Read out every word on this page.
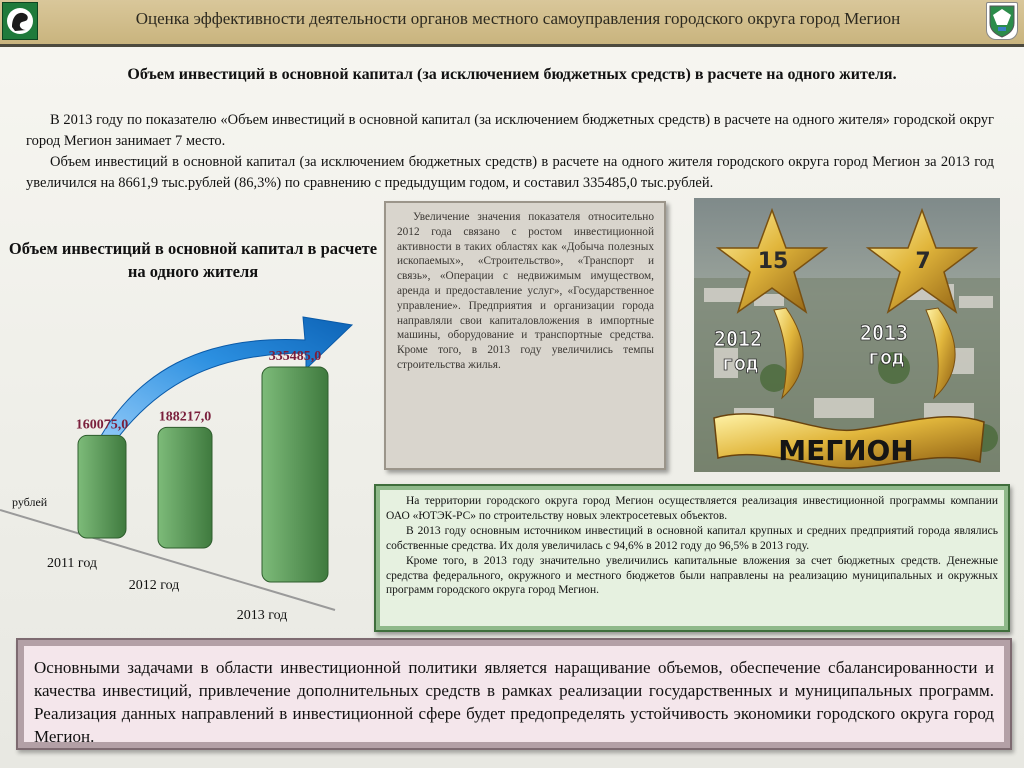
Оценка эффективности деятельности органов местного самоуправления городского округа город Мегион
Объем инвестиций в основной капитал (за исключением бюджетных средств) в расчете на одного жителя.

В 2013 году по показателю «Объем инвестиций в основной капитал (за исключением бюджетных средств) в расчете на одного жителя» городской округ город Мегион занимает 7 место.

Объем инвестиций в основной капитал (за исключением бюджетных средств) в расчете на одного жителя городского округа город Мегион за 2013 год увеличился на 8661,9 тыс.рублей (86,3%) по сравнению с предыдущим годом, и составил 335485,0 тыс.рублей.

Объем инвестиций в основной капитал в расчете на одного жителя
160075,0
188217,0
335485,0
2011 год
2012 год
2013 год
рублей

Увеличение значения показателя относительно 2012 года связано с ростом инвестиционной активности в таких областях как «Добыча полезных ископаемых», «Строительство», «Транспорт и связь», «Операции с недвижимым имуществом, аренда и предоставление услуг», «Государственное управление». Предприятия и организации города направляли свои капиталовложения в импортные машины, оборудование и транспортные средства. Кроме того, в 2013 году увеличились темпы строительства жилья.

15	7
2012
год
2013
год
МЕГИОН

На территории городского округа город Мегион осуществляется реализация инвестиционной программы компании ОАО «ЮТЭК-РС» по строительству новых электросетевых объектов.

В 2013 году основным источником инвестиций в основной капитал крупных и средних предприятий города являлись собственные средства. Их доля увеличилась с 94,6% в 2012 году до 96,5% в 2013 году.

Кроме того, в 2013 году значительно увеличились капитальные вложения за счет бюджетных средств. Денежные средства федерального, окружного и местного бюджетов были направлены на реализацию муниципальных и окружных программ городского округа город Мегион.

Основными задачами в области инвестиционной политики является наращивание объемов, обеспечение сбалансированности и качества инвестиций, привлечение дополнительных средств в рамках реализации государственных и муниципальных программ. Реализация данных направлений в инвестиционной сфере будет предопределять устойчивость экономики городского округа город Мегион.
